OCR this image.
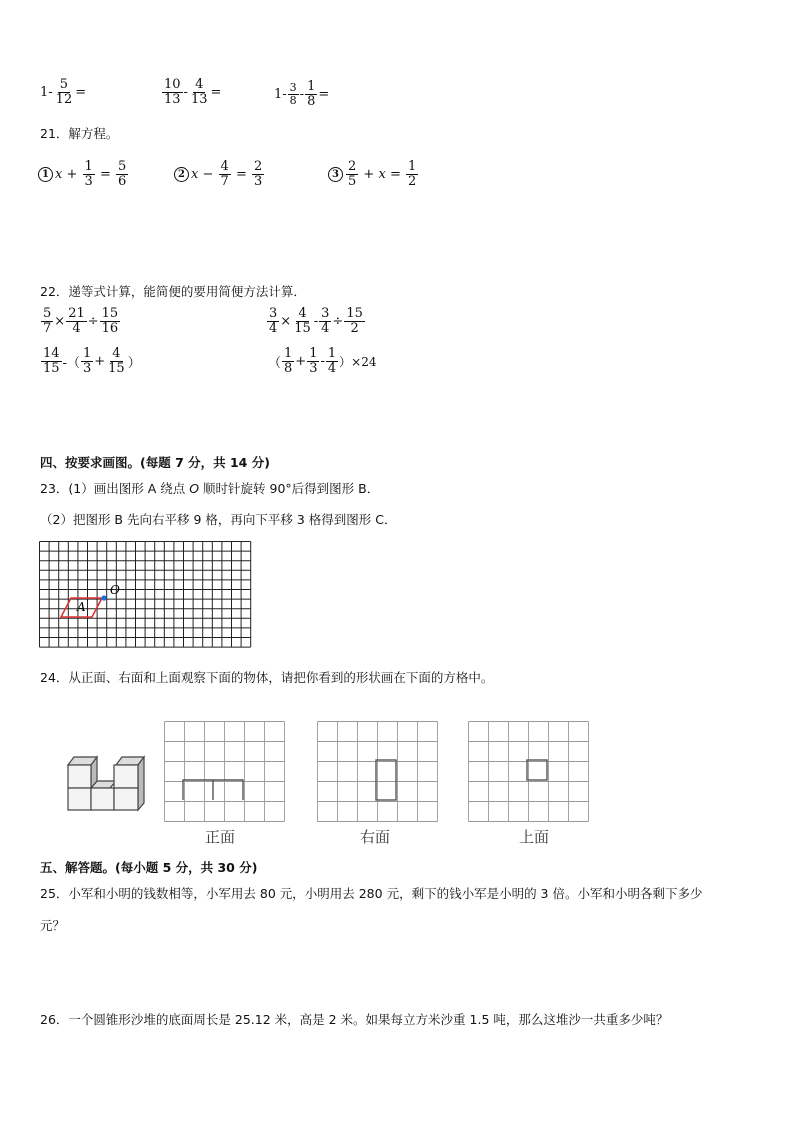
$1- \frac{5}{12}$ =	$\frac{10}{13} - \frac{4}{13}$ =	$1- \frac{3}{8} - \frac{1}{8}$ =
21．解方程。
1 x
+
$\frac{1}{3}$
=
$\frac{5}{6}$	2 x
−
$\frac{4}{7}$
=
$\frac{2}{3}$	$3 \frac{2}{5}$
+
x
=
$\frac{1}{2}$
22．递等式计算，能简便的要用简便方法计算．
$\frac{5}{7} \times \frac{21}{4} \div \frac{15}{16}$	$\frac{3}{4} \times \frac{4}{15} - \frac{3}{4} \div \frac{15}{2}$
$\frac{14}{15}$ -（ $\frac{1}{3} + \frac{4}{15}$ ）	（ $\frac{1}{8} + \frac{1}{3} - \frac{1}{4} )\times 24$
四、按要求画图。(每题 7 分，共 14 分)
23．(1）画出图形 A 绕点 O 顺时针旋转 90°后得到图形 B．
（2）把图形 B 先向右平移 9 格，再向下平移 3 格得到图形 C．
A
O
24．从正面、右面和上面观察下面的物体，请把你看到的形状画在下面的方格中。
正面	右面	上面
五、解答题。(每小题 5 分，共 30 分)
25．小军和小明的钱数相等，小军用去 80 元，小明用去 280 元，剩下的钱小军是小明的 3 倍。小军和小明各剩下多少
元？
26．一个圆锥形沙堆的底面周长是 25.12 米，高是 2 米。如果每立方米沙重 1.5 吨，那么这堆沙一共重多少吨？
